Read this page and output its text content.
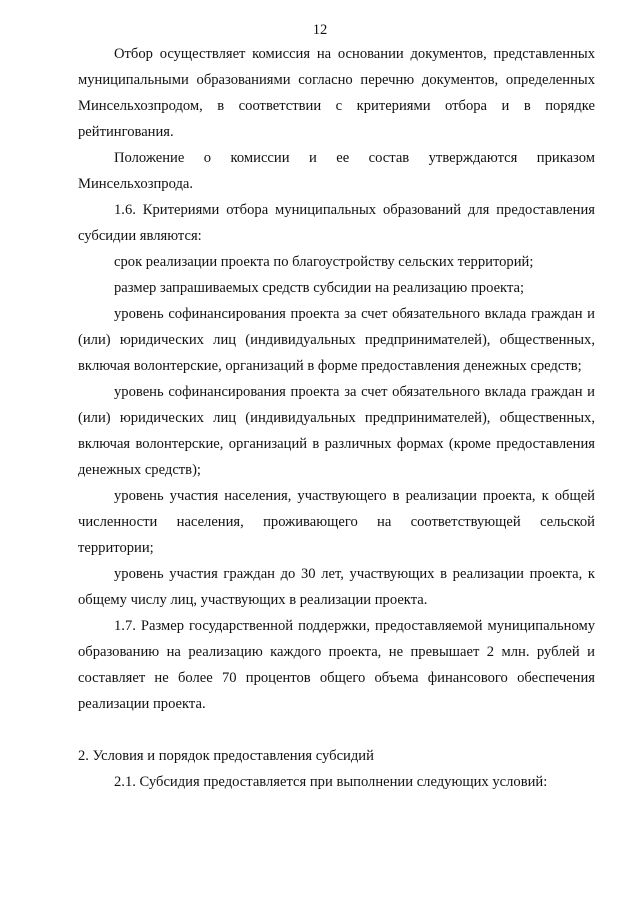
12

Отбор осуществляет комиссия на основании документов, представленных муниципальными образованиями согласно перечню документов, определенных Минсельхозпродом, в соответствии с критериями отбора и в порядке рейтингования.

Положение о комиссии и ее состав утверждаются приказом Минсельхозпрода.

1.6. Критериями отбора муниципальных образований для предоставления субсидии являются:

срок реализации проекта по благоустройству сельских территорий;

размер запрашиваемых средств субсидии на реализацию проекта;

уровень софинансирования проекта за счет обязательного вклада граждан и (или) юридических лиц (индивидуальных предпринимателей), общественных, включая волонтерские, организаций в форме предоставления денежных средств;

уровень софинансирования проекта за счет обязательного вклада граждан и (или) юридических лиц (индивидуальных предпринимателей), общественных, включая волонтерские, организаций в различных формах (кроме предоставления денежных средств);

уровень участия населения, участвующего в реализации проекта, к общей численности населения, проживающего на соответствующей сельской территории;

уровень участия граждан до 30 лет, участвующих в реализации проекта, к общему числу лиц, участвующих в реализации проекта.

1.7. Размер государственной поддержки, предоставляемой муниципальному образованию на реализацию каждого проекта, не превышает 2 млн. рублей и составляет не более 70 процентов общего объема финансового обеспечения реализации проекта.

2. Условия и порядок предоставления субсидий

2.1. Субсидия предоставляется при выполнении следующих условий:
